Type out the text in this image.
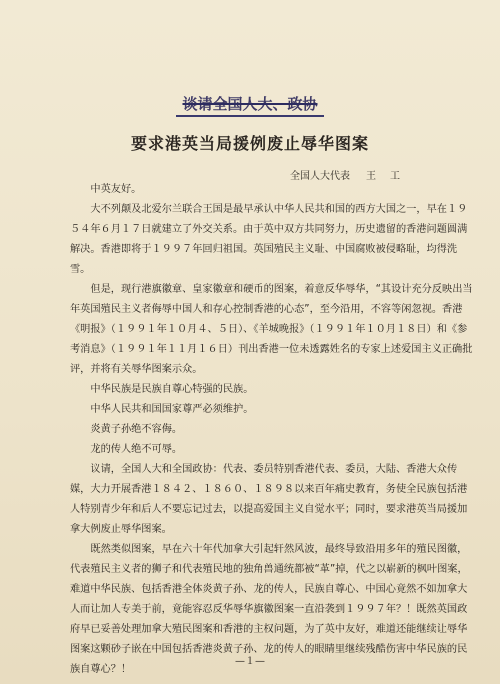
谈请全国人大、政协
要求港英当局援例废止辱华图案
全国人大代表 王工

中英友好。

大不列颠及北爱尔兰联合王国是最早承认中华人民共和国的西方大国之一，早在１９５４年６月１７日就建立了外交关系。由于英中双方共同努力，历史遗留的香港问题圆满解决。香港即将于１９９７年回归祖国。英国殖民主义耻、中国腐败被侵略耻，均得洗雪。

但是，现行港旗徽章、皇家徽章和硬币的图案，着意反华辱华，“其设计充分反映出当年英国殖民主义者侮辱中国人和存心控制香港的心态”，至今沿用，不容等闲忽视。香港《明报》（１９９１年１０月４、５日）、《羊城晚报》（１９９１年１０月１８日）和《参考消息》（１９９１年１１月１６日）刊出香港一位未透露姓名的专家上述爱国主义正确批评，并将有关辱华图案示众。

中华民族是民族自尊心特强的民族。

中华人民共和国国家尊严必须维护。

炎黄子孙绝不容侮。

龙的传人绝不可辱。

议请，全国人大和全国政协：代表、委员特别香港代表、委员，大陆、香港大众传媒，大力开展香港１８４２、１８６０、１８９８以来百年痛史教育，务使全民族包括港人特别青少年和后人不要忘记过去，以提高爱国主义自觉水平；同时，要求港英当局援加拿大例废止辱华图案。

既然类似图案，早在六十年代加拿大引起轩然风波，最终导致沿用多年的殖民图徽，代表殖民主义者的狮子和代表殖民地的独角兽通统都被“革”掉，代之以崭新的枫叶图案，难道中华民族、包括香港全体炎黄子孙、龙的传人，民族自尊心、中国心竟然不如加拿大人而让加人专美于前，竟能容忍反华辱华旗徽图案一直沿袭到１９９７年？！既然英国政府早已妥善处理加拿大殖民图案和香港的主权问题，为了英中友好，难道还能继续让辱华图案这颗砂子嵌在中国包括香港炎黄子孙、龙的传人的眼睛里继续残酷伤害中华民族的民族自尊心？！

—１—
